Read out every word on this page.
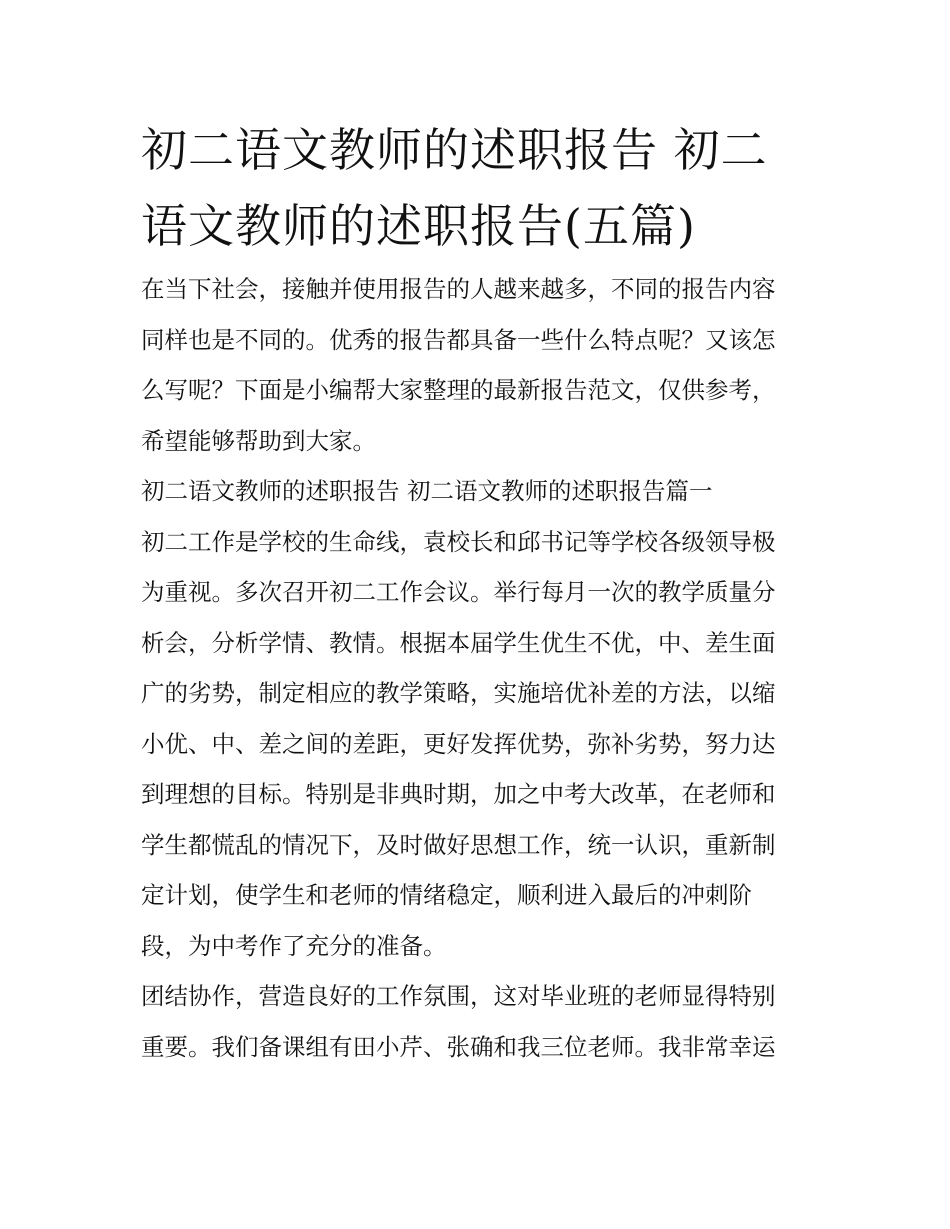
初二语文教师的述职报告 初二
语文教师的述职报告(五篇)

在当下社会，接触并使用报告的人越来越多，不同的报告内容
同样也是不同的。优秀的报告都具备一些什么特点呢？又该怎
么写呢？下面是小编帮大家整理的最新报告范文，仅供参考，
希望能够帮助到大家。

初二语文教师的述职报告 初二语文教师的述职报告篇一

初二工作是学校的生命线，袁校长和邱书记等学校各级领导极
为重视。多次召开初二工作会议。举行每月一次的教学质量分
析会，分析学情、教情。根据本届学生优生不优，中、差生面
广的劣势，制定相应的教学策略，实施培优补差的方法，以缩
小优、中、差之间的差距，更好发挥优势，弥补劣势，努力达
到理想的目标。特别是非典时期，加之中考大改革，在老师和
学生都慌乱的情况下，及时做好思想工作，统一认识，重新制
定计划，使学生和老师的情绪稳定，顺利进入最后的冲刺阶
段，为中考作了充分的准备。

团结协作，营造良好的工作氛围，这对毕业班的老师显得特别
重要。我们备课组有田小芹、张确和我三位老师。我非常幸运
